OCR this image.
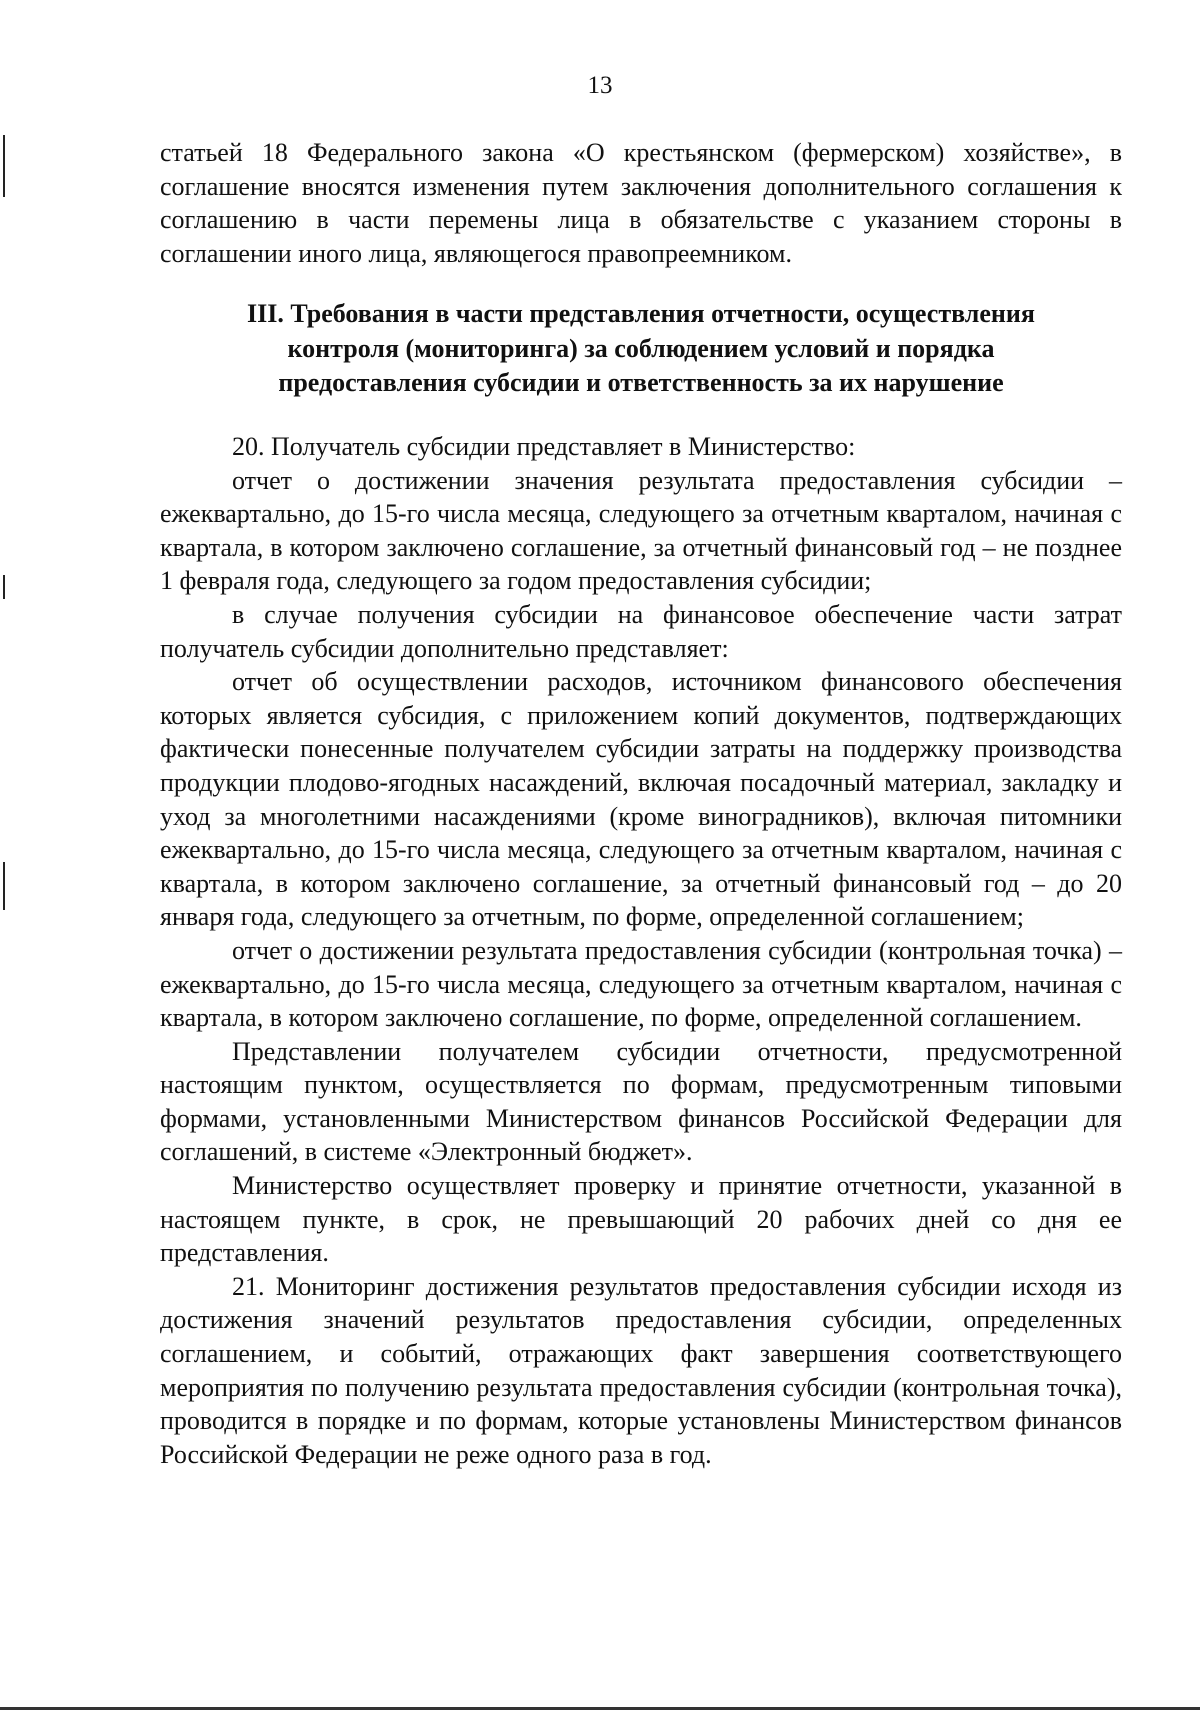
13

статьей 18 Федерального закона «О крестьянском (фермерском) хозяйстве», в соглашение вносятся изменения путем заключения дополнительного соглашения к соглашению в части перемены лица в обязательстве с указанием стороны в соглашении иного лица, являющегося правопреемником.

III. Требования в части представления отчетности, осуществления
контроля (мониторинга) за соблюдением условий и порядка
предоставления субсидии и ответственность за их нарушение

20. Получатель субсидии представляет в Министерство:

отчет о достижении значения результата предоставления субсидии – ежеквартально, до 15-го числа месяца, следующего за отчетным кварталом, начиная с квартала, в котором заключено соглашение, за отчетный финансовый год – не позднее 1 февраля года, следующего за годом предоставления субсидии;

в случае получения субсидии на финансовое обеспечение части затрат получатель субсидии дополнительно представляет:

отчет об осуществлении расходов, источником финансового обеспечения которых является субсидия, с приложением копий документов, подтверждающих фактически понесенные получателем субсидии затраты на поддержку производства продукции плодово-ягодных насаждений, включая посадочный материал, закладку и уход за многолетними насаждениями (кроме виноградников), включая питомники ежеквартально, до 15-го числа месяца, следующего за отчетным кварталом, начиная с квартала, в котором заключено соглашение, за отчетный финансовый год – до 20 января года, следующего за отчетным, по форме, определенной соглашением;

отчет о достижении результата предоставления субсидии (контрольная точка) – ежеквартально, до 15-го числа месяца, следующего за отчетным кварталом, начиная с квартала, в котором заключено соглашение, по форме, определенной соглашением.

Представлении получателем субсидии отчетности, предусмотренной настоящим пунктом, осуществляется по формам, предусмотренным типовыми формами, установленными Министерством финансов Российской Федерации для соглашений, в системе «Электронный бюджет».

Министерство осуществляет проверку и принятие отчетности, указанной в настоящем пункте, в срок, не превышающий 20 рабочих дней со дня ее представления.

21. Мониторинг достижения результатов предоставления субсидии исходя из достижения значений результатов предоставления субсидии, определенных соглашением, и событий, отражающих факт завершения соответствующего мероприятия по получению результата предоставления субсидии (контрольная точка), проводится в порядке и по формам, которые установлены Министерством финансов Российской Федерации не реже одного раза в год.
